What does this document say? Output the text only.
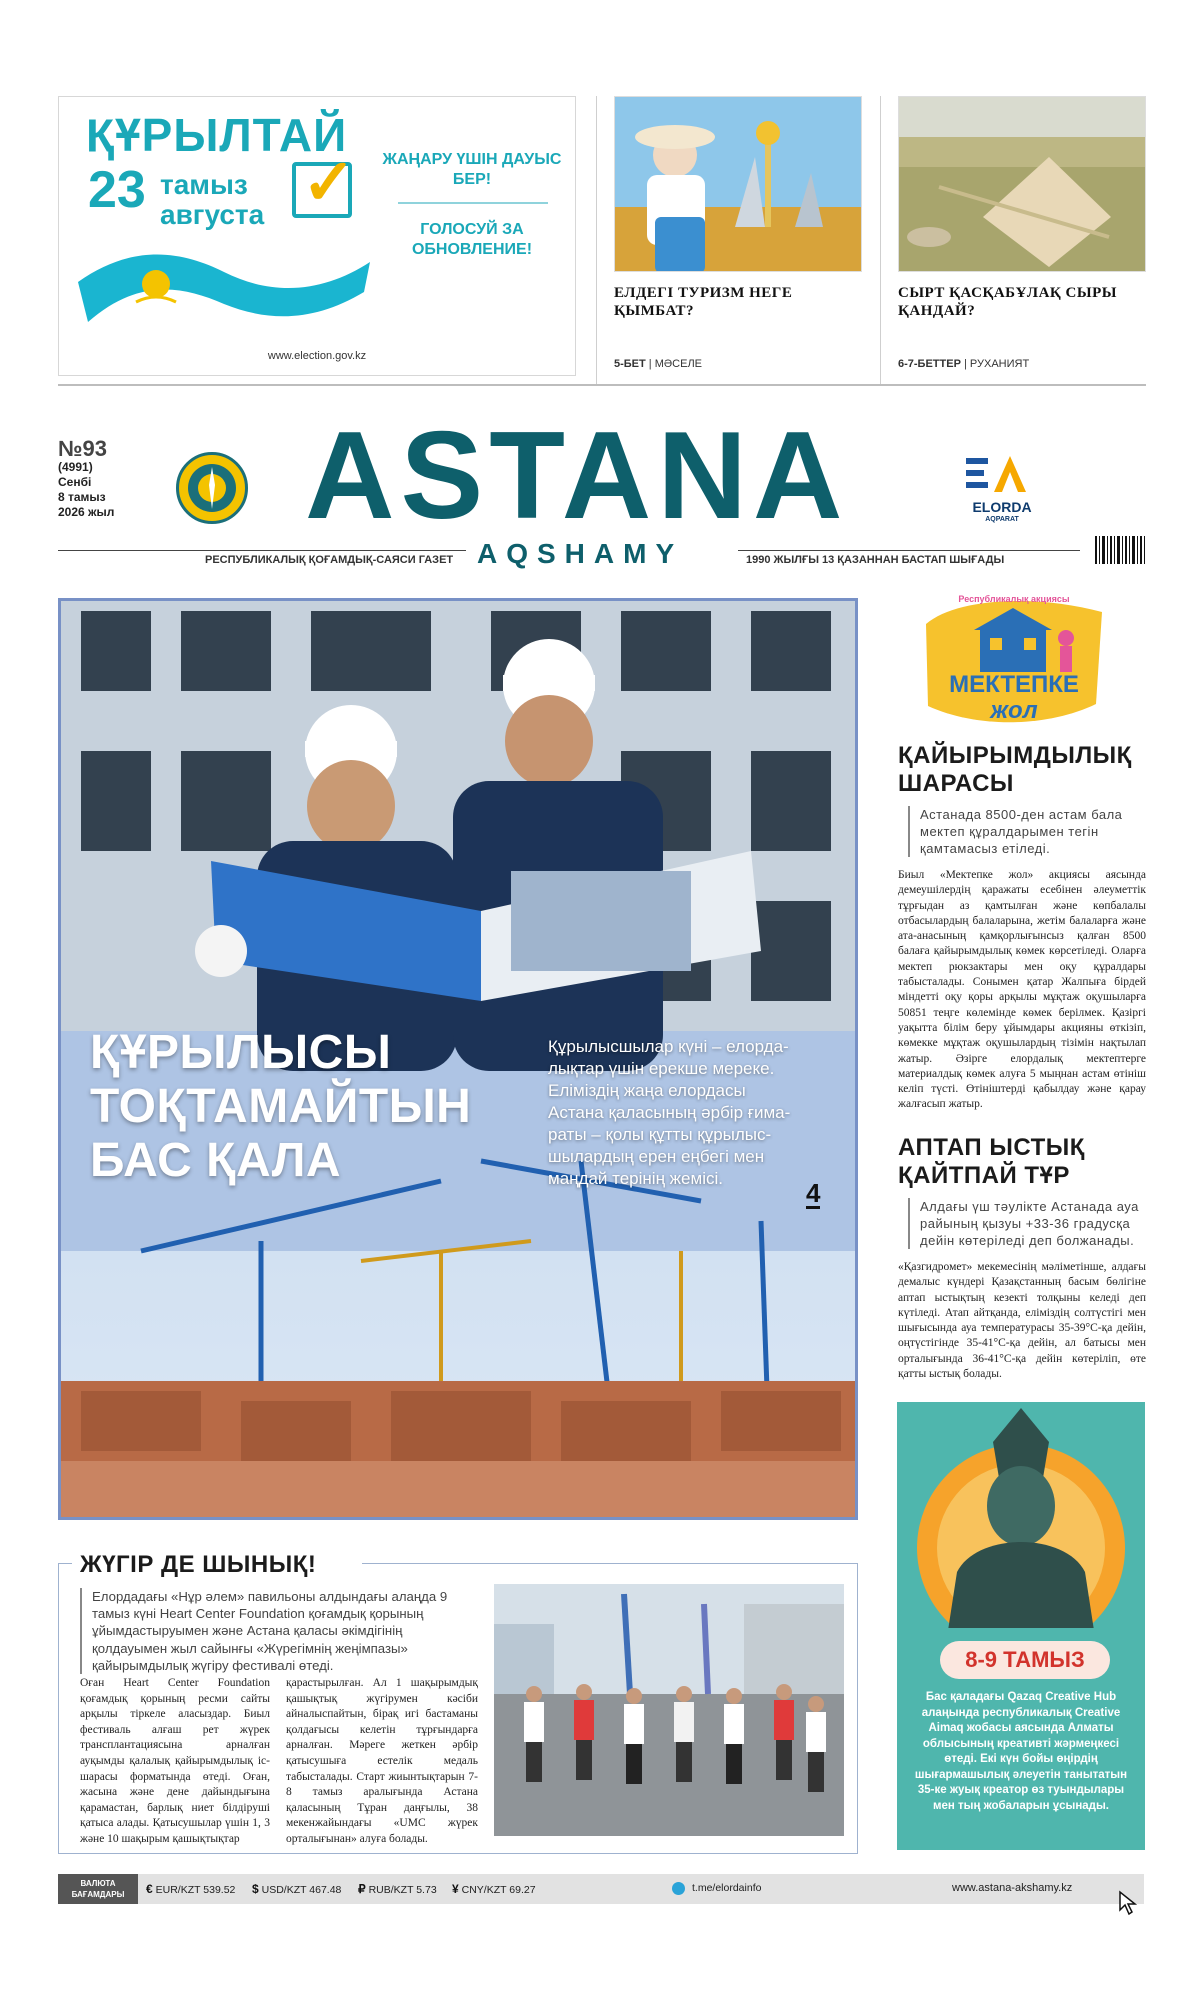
ҚҰРЫЛТАЙ
23 тамыз
августа ✓ ЖАҢАРУ ҮШІН ДАУЫС БЕР!
ГОЛОСУЙ ЗА ОБНОВЛЕНИЕ!
www.election.gov.kz
ЕЛДЕГІ ТУРИЗМ НЕГЕ ҚЫМБАТ?
5-БЕТ | МӘСЕЛЕ
СЫРТ ҚАСҚАБҰЛАҚ СЫРЫ ҚАНДАЙ?
6-7-БЕТТЕР | РУХАНИЯТ
№93
(4991)
Сенбі
8 тамыз
2026 жыл ASTANA
AQSHAMY
РЕСПУБЛИКАЛЫҚ ҚОҒАМДЫҚ-САЯСИ ГАЗЕТ	1990 ЖЫЛҒЫ 13 ҚАЗАННАН БАСТАП ШЫҒАДЫ
ELORDA
AQPARAT
ҚҰРЫЛЫСЫ
ТОҚТАМАЙТЫН
БАС ҚАЛА
Құрылысшылар күні – елорда-
лықтар үшін ерекше мереке.
Еліміздің жаңа елордасы
Астана қаласының әрбір ғимa-
раты – қолы құтты құрылыс-
шылардың ерен еңбегі мен
маңдай терінің жемісі.	4
Республикалық акциясы
МЕКТЕПКЕ
жол
ҚАЙЫРЫМДЫЛЫҚ
ШАРАСЫ
Астанада 8500-ден астам бала мектеп құралдарымен тегін қамтамасыз етіледі.
Биыл «Мектепке жол» акциясы аясында демеушілердің қаражаты есебінен әлеуметтік тұрғыдан аз қамтылған және көпбалалы отбасылардың балаларына, жетім балаларға және ата-анасының қамқорлығынсыз қалған 8500 балаға қайырымдылық көмек көрсетіледі. Оларға мектеп рюкзактары мен оқу құралдары табысталады. Сонымен қатар Жалпыға бірдей міндетті оқу қоры арқылы мұқтаж оқушыларға 50851 теңге көлемінде көмек берілмек. Қазіргі уақытта білім беру ұйымдары акцияны өткізіп, көмекке мұқтаж оқушылардың тізімін нақтылап жатыр. Әзірге елордалық мектептерге материалдық көмек алуға 5 мыңнан астам өтініш келіп түсті. Өтініштерді қабылдау және қарау жалғасып жатыр.
АПТАП ЫСТЫҚ
ҚАЙТПАЙ ТҰР
Алдағы үш тәулікте Астанада ауа райының қызуы +33-36 градусқа дейін көтеріледі деп болжанады.
«Қазгидромет» мекемесінің мәліметінше, алдағы демалыс күндері Қазақстанның басым бөлігіне аптап ыстықтың кезекті толқыны келеді деп күтіледі. Атап айтқанда, еліміздің солтүстігі мен шығысында ауа температурасы 35-39°С-қа дейін, оңтүстігінде 35-41°С-қа дейін, ал батысы мен орталығында 36-41°С-қа дейін көтеріліп, өте қатты ыстық болады.
8-9 ТАМЫЗ
Бас қаладағы Qazaq Creative Hub алаңында республикалық Creative Aimaq жобасы аясында Алматы облысының креативті жәрмеңкесі өтеді. Екі күн бойы өңірдің шығармашылық әлеуетін танытатын 35-ке жуық креатор өз туындылары мен тың жобаларын ұсынады.
ЖҮГІР ДЕ ШЫНЫҚ!
Елордадағы «Нұр әлем» павильоны алдындағы алаңда 9 тамыз күні Heart Center Foundation қоғамдық қорының ұйымдастыруымен және Астана қаласы әкімдігінің қолдауымен жыл сайынғы «Жүрегімнің жеңімпазы» қайырымдылық жүгіру фестивалі өтеді.
Оған Heart Center Foundation қоғамдық қорының ресми сайты арқылы тіркеле аласыздар. Биыл фестиваль алғаш рет жүрек трансплантациясына арналған ауқымды қалалық қайырымдылық іс-шарасы форматында өтеді. Оған, жасына және дене дайындығына қарамастан, барлық ниет білдіруші қатыса алады. Қатысушылар үшін 1, 3 және 10 шақырым қашықтықтар
қарастырылған. Ал 1 шақырымдық қашықтық жүгірумен кәсіби айналыспайтын, бірақ игі бастаманы қолдағысы келетін тұрғындарға арналған. Мәреге жеткен әрбір қатысушыға естелік медаль табысталады. Старт жиынтықтарын 7-8 тамыз аралығында Астана қаласының Тұран даңғылы, 38 мекенжайындағы «UMC жүрек орталығынан» алуға болады.
ВАЛЮТА
БАҒАМДАРЫ	€ EUR/KZT 539.52 $ USD/KZT 467.48 ₽ RUB/KZT 5.73 ¥ CNY/KZT 69.27	t.me/elordainfo	www.astana-akshamy.kz
